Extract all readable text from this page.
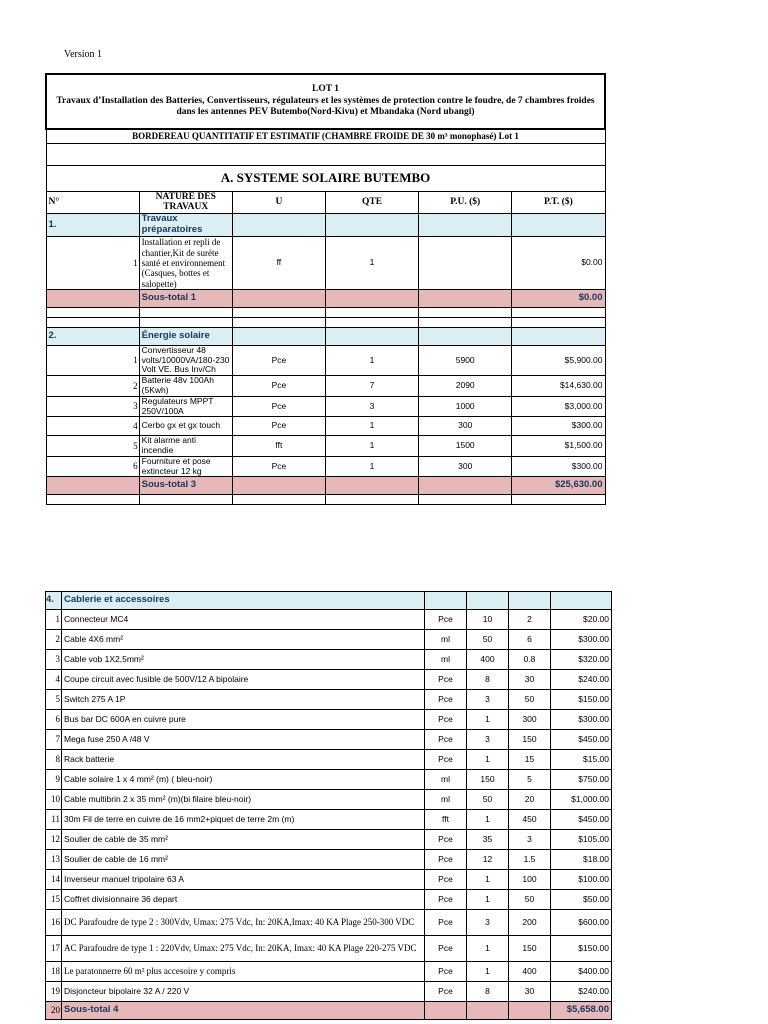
Version 1
LOT 1
Travaux d’Installation des Batteries, Convertisseurs, régulateurs et les systèmes de protection contre le foudre, de 7 chambres froides dans les antennes PEV Butembo(Nord-Kivu) et Mbandaka (Nord ubangi)					

BORDEREAU QUANTITATIF ET ESTIMATIF (CHAMBRE FROIDE DE 30 m³ monophasé) Lot 1					

A. SYSTEME SOLAIRE BUTEMBO					
N°	NATURE DES TRAVAUX	U	QTE	P.U. ($)	P.T. ($)
1.	Travaux préparatoires				
1	Installation et repli de chantier,Kit de suréte santé et environnement (Casques, bottes et salopette)	ff	1		$0.00
	Sous-total 1				$0.00

2.	Énergie solaire				
1	Convertisseur 48 volts/10000VA/180-230 Volt VE. Bus Inv/Ch	Pce	1	5900	$5,900.00
2	Batterie 48v 100Ah (5Kwh)	Pce	7	2090	$14,630.00
3	Regulateurs MPPT 250V/100A	Pce	3	1000	$3,000.00
4	Cerbo gx et gx touch	Pce	1	300	$300.00
5	Kit alarme anti incendie	fft	1	1500	$1,500.00
6	Fourniture et pose extincteur 12 kg	Pce	1	300	$300.00
	Sous-total 3				$25,630.00

4.	Cablerie et accessoires				
1	Connecteur MC4	Pce	10	2	$20.00
2	Cable 4X6 mm²	ml	50	6	$300.00
3	Cable vob 1X2,5mm²	ml	400	0.8	$320.00
4	Coupe circuit avec fusible de 500V/12 A bipolaire	Pce	8	30	$240.00
5	Switch 275 A 1P	Pce	3	50	$150.00
6	Bus bar DC 600A en cuivre pure	Pce	1	300	$300.00
7	Mega fuse 250 A /48 V	Pce	3	150	$450.00
8	Rack batterie	Pce	1	15	$15.00
9	Cable solaire 1 x 4 mm² (m) ( bleu-noir)	ml	150	5	$750.00
10	Cable multibrin 2 x 35 mm² (m)(bi filaire bleu-noir)	ml	50	20	$1,000.00
11	30m Fil de terre en cuivre de 16 mm2+piquet de terre 2m (m)	fft	1	450	$450.00
12	Soulier de cable de 35 mm²	Pce	35	3	$105.00
13	Soulier de cable de 16 mm²	Pce	12	1.5	$18.00
14	Inverseur manuel tripolaire 63 A	Pce	1	100	$100.00
15	Coffret divisionnaire 36 depart	Pce	1	50	$50.00
16	DC Parafoudre de type 2 : 300Vdv, Umax: 275 Vdc, In: 20KA,Imax: 40 KA Plage 250-300 VDC	Pce	3	200	$600.00
17	AC Parafoudre de type 1 : 220Vdv, Umax: 275 Vdc, In: 20KA, Imax: 40 KA Plage 220-275 VDC	Pce	1	150	$150.00
18	Le paratonnerre 60 m² plus accesoire y compris	Pce	1	400	$400.00
19	Disjoncteur bipolaire 32 A / 220 V	Pce	8	30	$240.00
20	Sous-total 4				$5,658.00
